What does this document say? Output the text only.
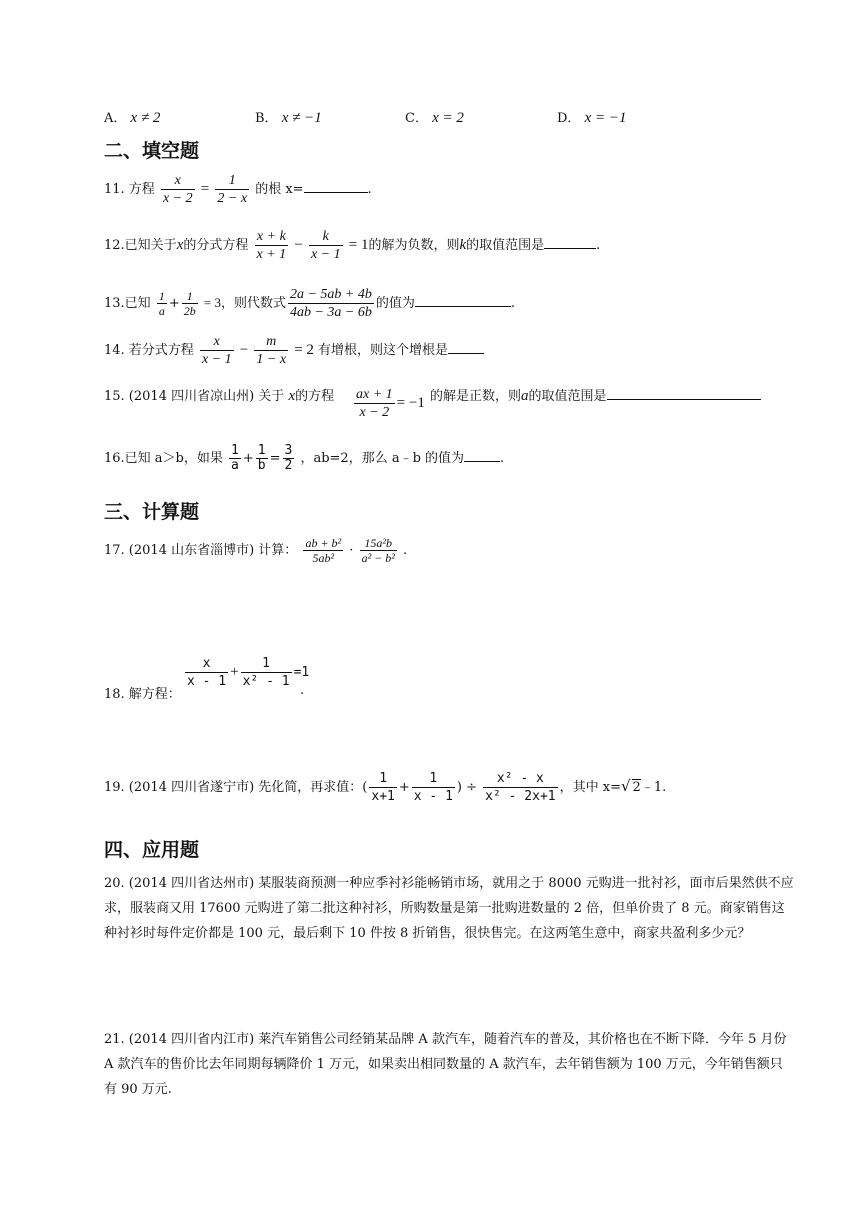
A． x ≠ 2	B． x ≠ −1	C． x = 2	D． x = −1
二、填空题
11. 方程 $\frac{x}{x - 2} = \frac{1}{2 - x}$ 的根 x=	.
12.已知关于x的分式方程 $\frac{x + k}{x + 1} - \frac{k}{x - 1} = 1$的解为负数，则k的取值范围是	.
13.已知 $\frac{1}{a} + \frac{1}{2b} = 3$，则代数式 $\frac{2a - 5ab + 4b}{4ab - 3a - 6b}$ 的值为	.
14. 若分式方程 $\frac{x}{x - 1} - \frac{m}{1 - x} = 2$ 有增根，则这个增根是
15. (2014 四川省凉山州) 关于 x的方程 $\frac{ax + 1}{x - 2} = -1$ 的解是正数，则a的取值范围是
16.已知 a＞b，如果 $\frac{1}{a} + \frac{1}{b} = \frac{3}{2}$ ，ab=2，那么 a﹣b 的值为	.
三、计算题
17. (2014 山东省淄博市) 计算： $\frac{\text{ab + b²}}{\text{5ab²}} \cdot \frac{\text{15a²b}}{\text{a² − b²}}$ .
18. 解方程：
$\frac{x}{x - 1} + \frac{1}{\text{x² - 1}} =1$
.
19. (2014 四川省遂宁市) 先化简，再求值：( $\frac{1}{x+1} + \frac{1}{x - 1}$ ) ÷ $\frac{\text{x² - x}}{\text{x² - 2x+1}}$ ，其中 x=√ 2﹣1.
四、应用题
20. (2014 四川省达州市) 某服装商预测一种应季衬衫能畅销市场，就用之于 8000 元购进一批衬衫，面市后果然供不应求，服装商又用 17600 元购进了第二批这种衬衫，所购数量是第一批购进数量的 2 倍，但单价贵了 8 元。商家销售这种衬衫时每件定价都是 100 元，最后剩下 10 件按 8 折销售，很快售完。在这两笔生意中，商家共盈利多少元？
21. (2014 四川省内江市) 莱汽车销售公司经销某品牌 A 款汽车，随着汽车的普及，其价格也在不断下降．今年 5 月份 A 款汽车的售价比去年同期每辆降价 1 万元，如果卖出相同数量的 A 款汽车，去年销售额为 100 万元，今年销售额只有 90 万元.
